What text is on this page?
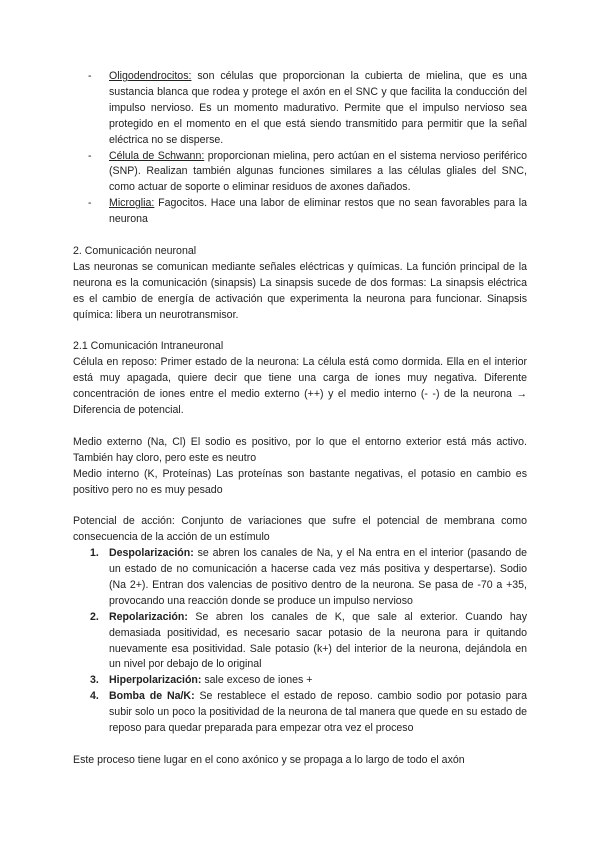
- Oligodendrocitos: son células que proporcionan la cubierta de mielina, que es una sustancia blanca que rodea y protege el axón en el SNC y que facilita la conducción del impulso nervioso. Es un momento madurativo. Permite que el impulso nervioso sea protegido en el momento en el que está siendo transmitido para permitir que la señal eléctrica no se disperse.
- Célula de Schwann: proporcionan mielina, pero actúan en el sistema nervioso periférico (SNP). Realizan también algunas funciones similares a las células gliales del SNC, como actuar de soporte o eliminar residuos de axones dañados.
- Microglia: Fagocitos. Hace una labor de eliminar restos que no sean favorables para la neurona

2. Comunicación neuronal

Las neuronas se comunican mediante señales eléctricas y químicas. La función principal de la neurona es la comunicación (sinapsis) La sinapsis sucede de dos formas: La sinapsis eléctrica es el cambio de energía de activación que experimenta la neurona para funcionar. Sinapsis química: libera un neurotransmisor.

2.1 Comunicación Intraneuronal

Célula en reposo: Primer estado de la neurona: La célula está como dormida. Ella en el interior está muy apagada, quiere decir que tiene una carga de iones muy negativa. Diferente concentración de iones entre el medio externo (++) y el medio interno (- -) de la neurona → Diferencia de potencial.

Medio externo (Na, Cl) El sodio es positivo, por lo que el entorno exterior está más activo. También hay cloro, pero este es neutro

Medio interno (K, Proteínas) Las proteínas son bastante negativas, el potasio en cambio es positivo pero no es muy pesado

Potencial de acción: Conjunto de variaciones que sufre el potencial de membrana como consecuencia de la acción de un estímulo

1. Despolarización: se abren los canales de Na, y el Na entra en el interior (pasando de un estado de no comunicación a hacerse cada vez más positiva y despertarse). Sodio (Na 2+). Entran dos valencias de positivo dentro de la neurona. Se pasa de -70 a +35, provocando una reacción donde se produce un impulso nervioso
2. Repolarización: Se abren los canales de K, que sale al exterior. Cuando hay demasiada positividad, es necesario sacar potasio de la neurona para ir quitando nuevamente esa positividad. Sale potasio (k+) del interior de la neurona, dejándola en un nivel por debajo de lo original
3. Hiperpolarización: sale exceso de iones +
4. Bomba de Na/K: Se restablece el estado de reposo. cambio sodio por potasio para subir solo un poco la positividad de la neurona de tal manera que quede en su estado de reposo para quedar preparada para empezar otra vez el proceso

Este proceso tiene lugar en el cono axónico y se propaga a lo largo de todo el axón
